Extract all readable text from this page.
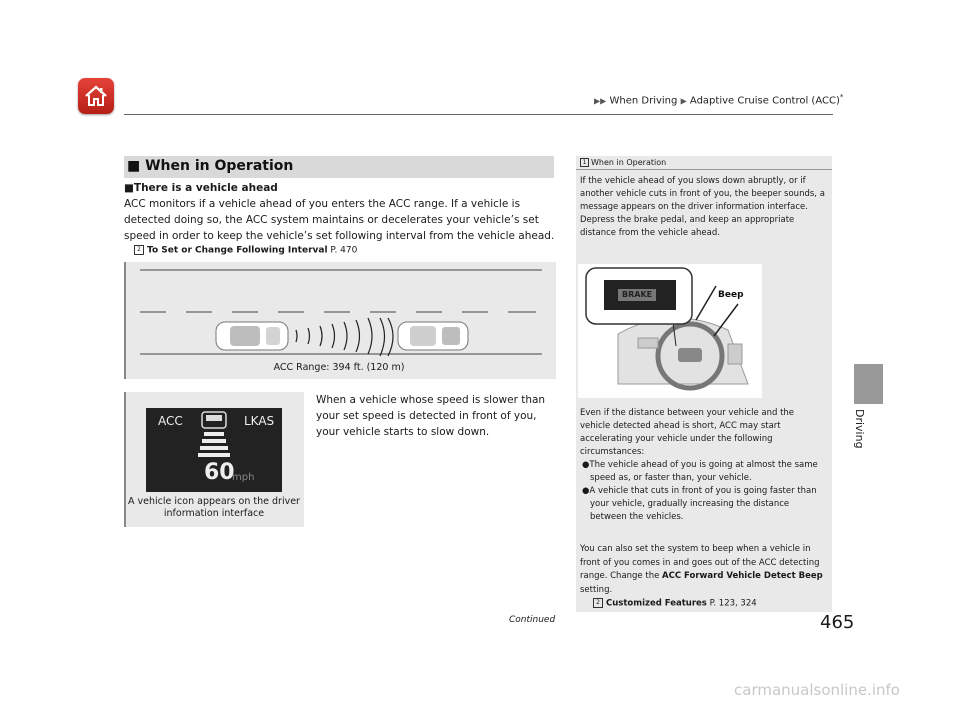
▶▶ When Driving ▶ Adaptive Cruise Control (ACC)*
Driving
■ When in Operation
■There is a vehicle ahead
ACC monitors if a vehicle ahead of you enters the ACC range. If a vehicle is detected doing so, the ACC system maintains or decelerates your vehicle’s set speed in order to keep the vehicle’s set following interval from the vehicle ahead.
2 To Set or Change Following Interval P. 470
ACC Range: 394 ft. (120 m)
ACC	LKAS
60
mph
A vehicle icon appears on the driver information interface
When a vehicle whose speed is slower than your set speed is detected in front of you, your vehicle starts to slow down.
1 When in Operation
If the vehicle ahead of you slows down abruptly, or if another vehicle cuts in front of you, the beeper sounds, a message appears on the driver information interface.
Depress the brake pedal, and keep an appropriate distance from the vehicle ahead.
BRAKE	Beep
Even if the distance between your vehicle and the vehicle detected ahead is short, ACC may start accelerating your vehicle under the following circumstances:
●The vehicle ahead of you is going at almost the same speed as, or faster than, your vehicle.
●A vehicle that cuts in front of you is going faster than your vehicle, gradually increasing the distance between the vehicles.
You can also set the system to beep when a vehicle in front of you comes in and goes out of the ACC detecting range. Change the ACC Forward Vehicle Detect Beep setting.
2 Customized Features P. 123, 324
Continued	465
carmanualsonline.info
